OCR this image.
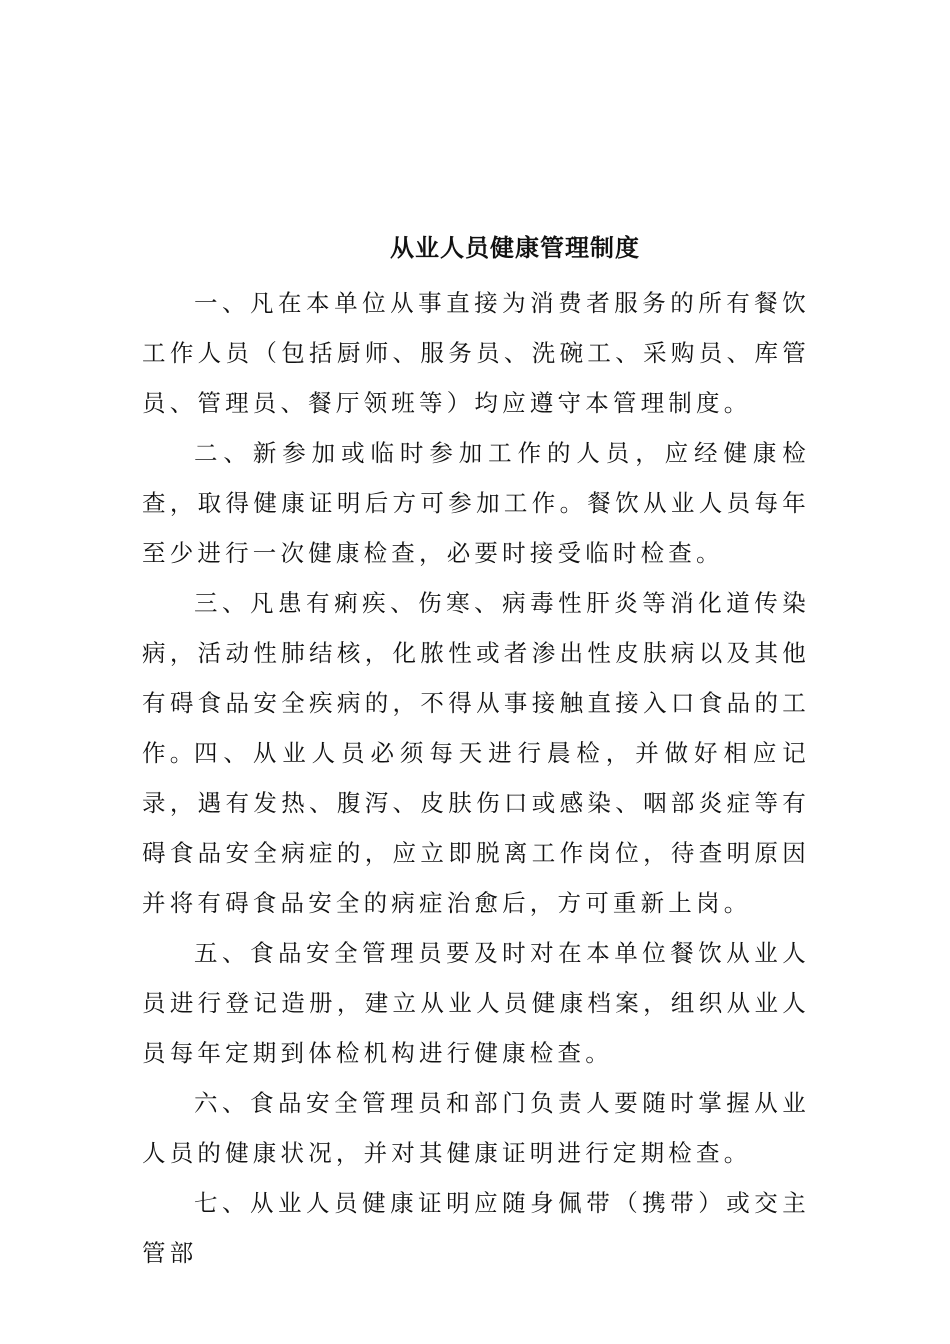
从业人员健康管理制度

一、凡在本单位从事直接为消费者服务的所有餐饮工作人员（包括厨师、服务员、洗碗工、采购员、库管员、管理员、餐厅领班等）均应遵守本管理制度。

二、新参加或临时参加工作的人员，应经健康检查，取得健康证明后方可参加工作。餐饮从业人员每年至少进行一次健康检查，必要时接受临时检查。

三、凡患有痢疾、伤寒、病毒性肝炎等消化道传染病，活动性肺结核，化脓性或者渗出性皮肤病以及其他有碍食品安全疾病的，不得从事接触直接入口食品的工作。

四、从业人员必须每天进行晨检，并做好相应记录，遇有发热、腹泻、皮肤伤口或感染、咽部炎症等有碍食品安全病症的，应立即脱离工作岗位，待查明原因并将有碍食品安全的病症治愈后，方可重新上岗。

五、食品安全管理员要及时对在本单位餐饮从业人员进行登记造册，建立从业人员健康档案，组织从业人员每年定期到体检机构进行健康检查。

六、食品安全管理员和部门负责人要随时掌握从业人员的健康状况，并对其健康证明进行定期检查。

七、从业人员健康证明应随身佩带（携带）或交主管部
